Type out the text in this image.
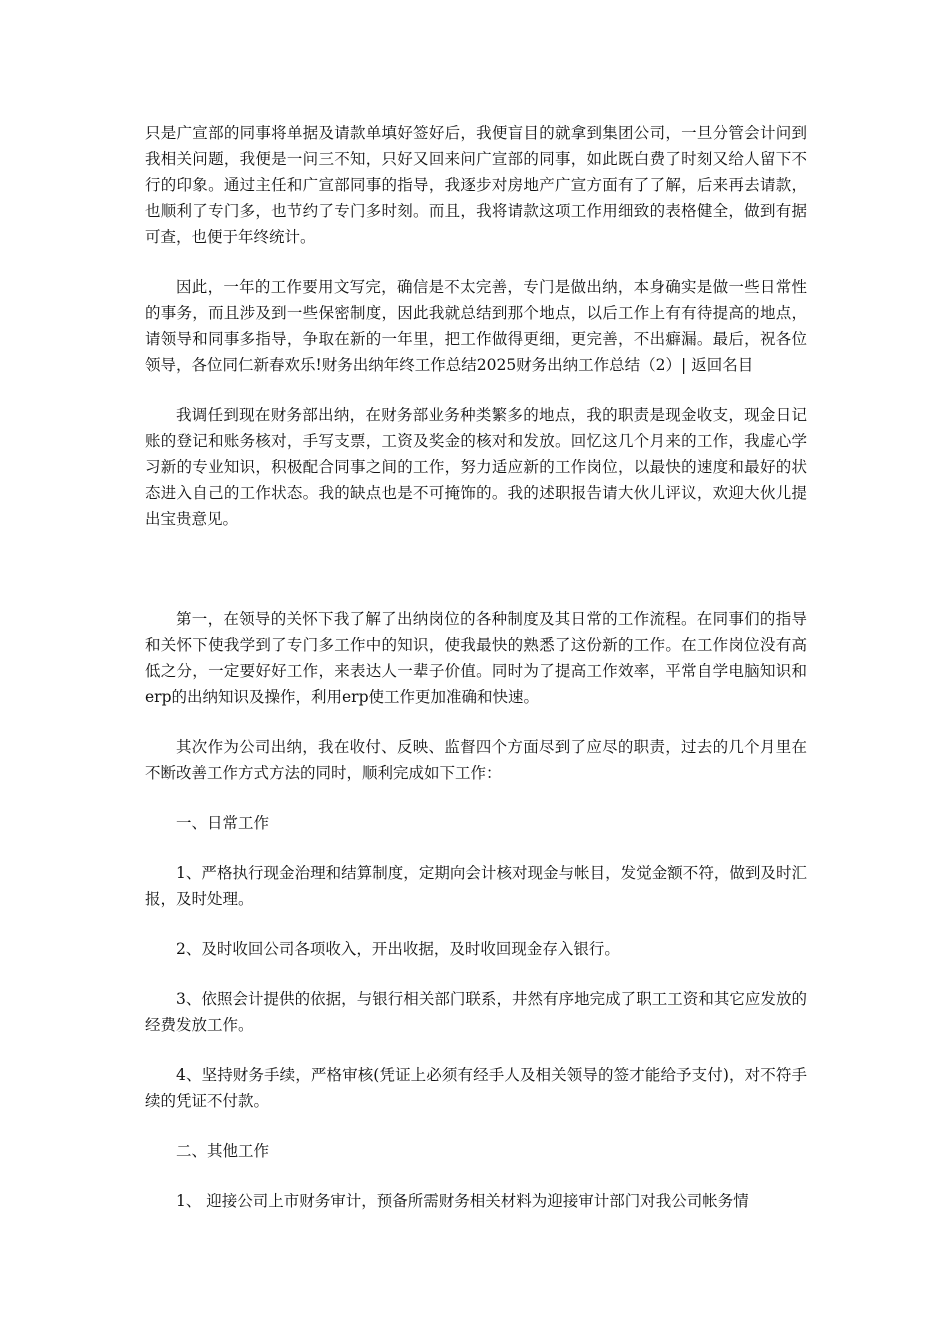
只是广宣部的同事将单据及请款单填好签好后，我便盲目的就拿到集团公司，一旦分管会计问到我相关问题，我便是一问三不知，只好又回来问广宣部的同事，如此既白费了时刻又给人留下不行的印象。通过主任和广宣部同事的指导，我逐步对房地产广宣方面有了了解，后来再去请款，也顺利了专门多，也节约了专门多时刻。而且，我将请款这项工作用细致的表格健全，做到有据可查，也便于年终统计。

因此，一年的工作要用文写完，确信是不太完善，专门是做出纳，本身确实是做一些日常性的事务，而且涉及到一些保密制度，因此我就总结到那个地点，以后工作上有有待提高的地点，请领导和同事多指导，争取在新的一年里，把工作做得更细，更完善，不出癖漏。最后，祝各位领导，各位同仁新春欢乐!财务出纳年终工作总结2025财务出纳工作总结（2）| 返回名目

我调任到现在财务部出纳，在财务部业务种类繁多的地点，我的职责是现金收支，现金日记账的登记和账务核对，手写支票，工资及奖金的核对和发放。回忆这几个月来的工作，我虚心学习新的专业知识，积极配合同事之间的工作，努力适应新的工作岗位，以最快的速度和最好的状态进入自己的工作状态。我的缺点也是不可掩饰的。我的述职报告请大伙儿评议，欢迎大伙儿提出宝贵意见。

第一，在领导的关怀下我了解了出纳岗位的各种制度及其日常的工作流程。在同事们的指导和关怀下使我学到了专门多工作中的知识，使我最快的熟悉了这份新的工作。在工作岗位没有高低之分，一定要好好工作，来表达人一辈子价值。同时为了提高工作效率，平常自学电脑知识和erp的出纳知识及操作，利用erp使工作更加准确和快速。

其次作为公司出纳，我在收付、反映、监督四个方面尽到了应尽的职责，过去的几个月里在不断改善工作方式方法的同时，顺利完成如下工作：

一、日常工作

1、严格执行现金治理和结算制度，定期向会计核对现金与帐目，发觉金额不符，做到及时汇报，及时处理。

2、及时收回公司各项收入，开出收据，及时收回现金存入银行。

3、依照会计提供的依据，与银行相关部门联系，井然有序地完成了职工工资和其它应发放的经费发放工作。

4、坚持财务手续，严格审核(凭证上必须有经手人及相关领导的签才能给予支付)，对不符手续的凭证不付款。

二、其他工作

1、 迎接公司上市财务审计，预备所需财务相关材料为迎接审计部门对我公司帐务情
